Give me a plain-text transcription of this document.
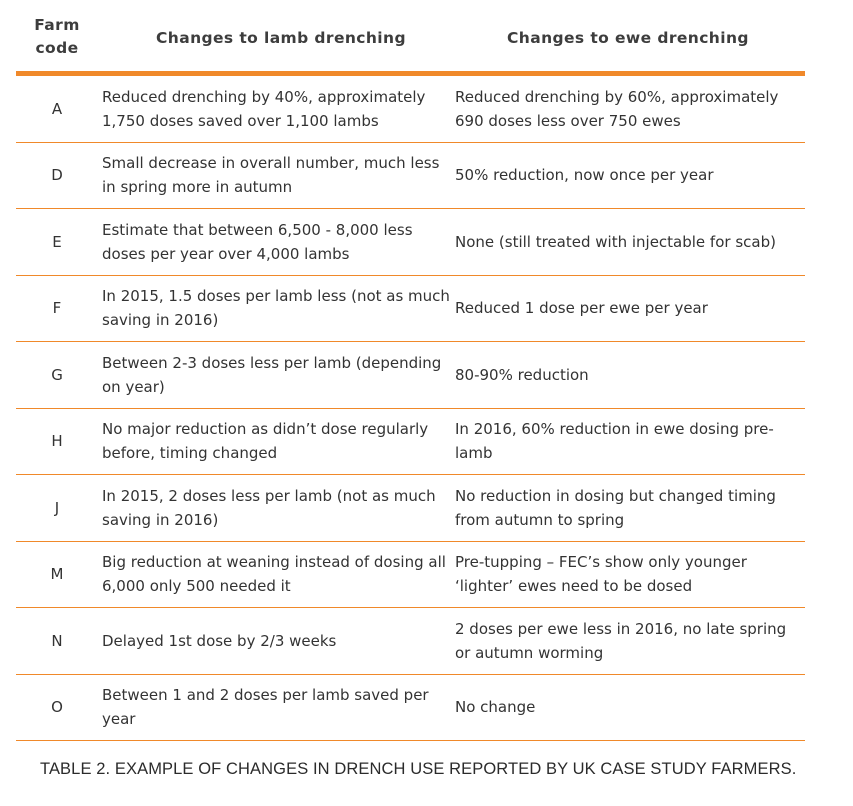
Farm
code
Changes to lamb drenching	Changes to ewe drenching
A
Reduced drenching by 40%, approximately 1,750 doses saved over 1,100 lambs
Reduced drenching by 60%, approximately 690 doses less over 750 ewes
D
Small decrease in overall number, much less in spring more in autumn
50% reduction, now once per year
E
Estimate that between 6,500 - 8,000 less doses per year over 4,000 lambs
None (still treated with injectable for scab)
F
In 2015, 1.5 doses per lamb less (not as much saving in 2016)
Reduced 1 dose per ewe per year
G
Between 2-3 doses less per lamb (depending on year)
80-90% reduction
H
No major reduction as didn’t dose regularly before, timing changed
In 2016, 60% reduction in ewe dosing pre-lamb
J
In 2015, 2 doses less per lamb (not as much saving in 2016)
No reduction in dosing but changed timing from autumn to spring
M
Big reduction at weaning instead of dosing all 6,000 only 500 needed it
Pre-tupping – FEC’s show only younger ‘lighter’ ewes need to be dosed
N	Delayed 1st dose by 2/3 weeks
2 doses per ewe less in 2016, no late spring or autumn worming
O
Between 1 and 2 doses per lamb saved per year
No change
TABLE 2. EXAMPLE OF CHANGES IN DRENCH USE REPORTED BY UK CASE STUDY FARMERS.
